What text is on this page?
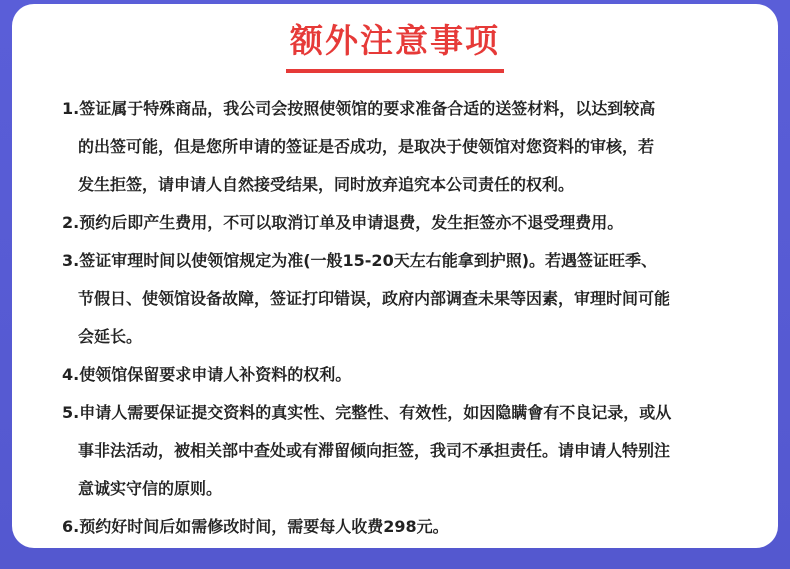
额外注意事项
1.签证属于特殊商品，我公司会按照使领馆的要求准备合适的送签材料，以达到较高
的出签可能，但是您所申请的签证是否成功，是取决于使领馆对您资料的审核，若
发生拒签，请申请人自然接受结果，同时放弃追究本公司责任的权利。
2.预约后即产生费用，不可以取消订单及申请退费，发生拒签亦不退受理费用。
3.签证审理时间以使领馆规定为准(一般15-20天左右能拿到护照)。若遇签证旺季、
节假日、使领馆设备故障，签证打印错误，政府内部调查未果等因素，审理时间可能
会延长。
4.使领馆保留要求申请人补资料的权利。
5.申请人需要保证提交资料的真实性、完整性、有效性，如因隐瞒會有不良记录，或从
事非法活动，被相关部中查处或有滞留倾向拒签，我司不承担责任。请申请人特别注
意诚实守信的原则。
6.预约好时间后如需修改时间，需要每人收费298元。
